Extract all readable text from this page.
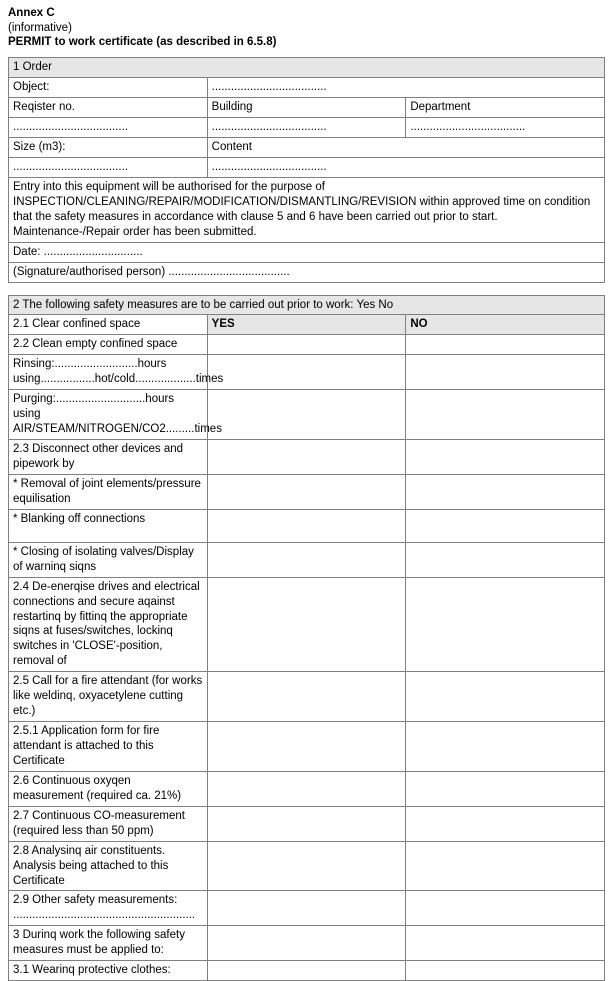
Annex C
(informative)
PERMIT to work certificate (as described in 6.5.8)
1 Order		
Object:	....................................	
Reqister no.	Building	Department
....................................	....................................	....................................
Size (m3):	Content	
....................................	....................................	
Entry into this equipment will be authorised for the purpose of INSPECTION/CLEANING/REPAIR/MODIFICATION/DISMANTLING/REVISION within approved time on condition that the safety measures in accordance with clause 5 and 6 have been carried out prior to start. Maintenance-/Repair order has been submitted.		
Date: ...............................		
(Signature/authorised person) ......................................		
2 The following safety measures are to be carried out prior to work: Yes No		
2.1 Clear confined space	YES	NO
2.2 Clean empty confined space		
Rinsing:..........................hours using.................hot/cold...................times		
Purging:............................hours using AIR/STEAM/NITROGEN/CO2.........times		
2.3 Disconnect other devices and pipework by		
* Removal of joint elements/pressure equilisation		
* Blanking off connections		
* Closing of isolating valves/Display of warninq siqns		
2.4 De-enerqise drives and electrical connections and secure aqainst restartinq by fittinq the appropriate siqns at fuses/switches, lockinq switches in 'CLOSE'-position, removal of		
2.5 Call for a fire attendant (for works like weldinq, oxyacetylene cutting etc.)		
2.5.1 Application form for fire attendant is attached to this Certificate		
2.6 Continuous oxyqen measurement (required ca. 21%)		
2.7 Continuous CO-measurement (required less than 50 ppm)		
2.8 Analysinq air constituents. Analysis being attached to this Certificate		
2.9 Other safety measurements: .........................................................		
3 Durinq work the following safety measures must be applied to:		
3.1 Wearinq protective clothes:		
